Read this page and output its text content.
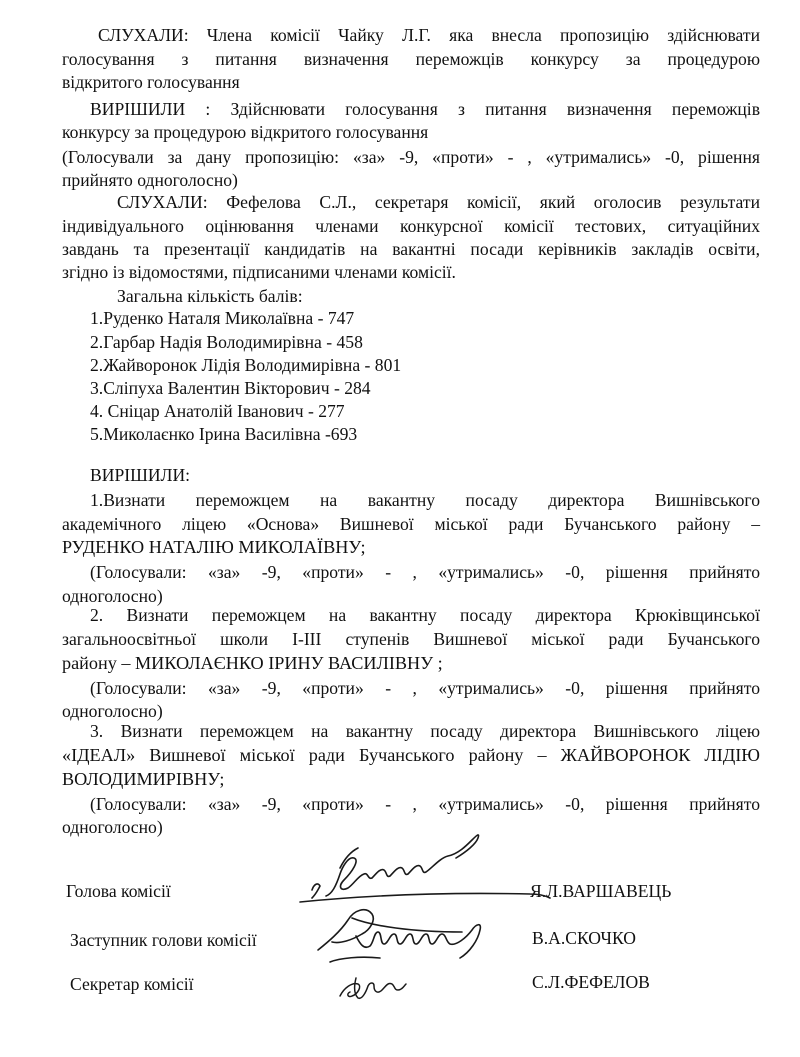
СЛУХАЛИ: Члена комісії Чайку Л.Г. яка внесла пропозицію здійснювати
голосування з питання визначення переможців конкурсу за процедурою
відкритого голосування
ВИРІШИЛИ : Здійснювати голосування з питання визначення переможців
конкурсу за процедурою відкритого голосування
(Голосували за дану пропозицію: «за» -9, «проти» - , «утримались» -0, рішення
прийнято одноголосно)
СЛУХАЛИ: Фефелова С.Л., секретаря комісії, який оголосив результати
індивідуального оцінювання членами конкурсної комісії тестових, ситуаційних
завдань та презентації кандидатів на вакантні посади керівників закладів освіти,
згідно із відомостями, підписаними членами комісії.
Загальна кількість балів:
1.Руденко Наталя Миколаївна - 747
2.Гарбар Надія Володимирівна - 458
2.Жайворонок Лідія Володимирівна - 801
3.Сліпуха Валентин Вікторович - 284
4. Сніцар Анатолій Іванович - 277
5.Миколаєнко Ірина Василівна -693
ВИРІШИЛИ:
1.Визнати переможцем на вакантну посаду директора Вишнівського
академічного ліцею «Основа» Вишневої міської ради Бучанського району –
РУДЕНКО НАТАЛІЮ МИКОЛАЇВНУ;
(Голосували: «за» -9, «проти» - , «утримались» -0, рішення прийнято
одноголосно)
2. Визнати переможцем на вакантну посаду директора Крюківщинської
загальноосвітньої школи І-ІІІ ступенів Вишневої міської ради Бучанського
району – МИКОЛАЄНКО ІРИНУ ВАСИЛІВНУ ;
(Голосували: «за» -9, «проти» - , «утримались» -0, рішення прийнято
одноголосно)
3. Визнати переможцем на вакантну посаду директора Вишнівського ліцею
«ІДЕАЛ» Вишневої міської ради Бучанського району – ЖАЙВОРОНОК ЛІДІЮ
ВОЛОДИМИРІВНУ;
(Голосували: «за» -9, «проти» - , «утримались» -0, рішення прийнято
одноголосно)
Голова комісії	Я.Л.ВАРШАВЕЦЬ
Заступник голови комісії	В.А.СКОЧКО
Секретар комісії	С.Л.ФЕФЕЛОВ
